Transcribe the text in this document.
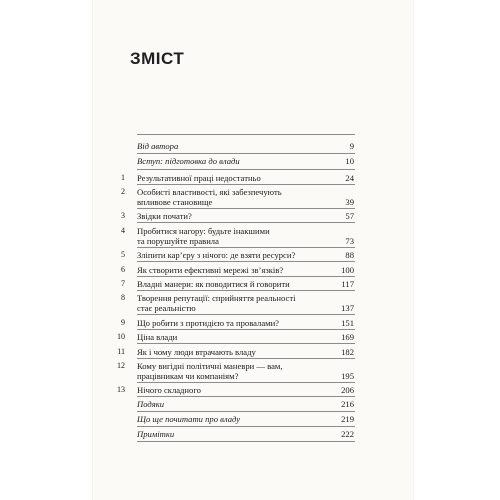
ЗМІСТ
Від автора	9
Вступ: підготовка до влади	10
1 Результативної праці недостатньо	24
2 Особисті властивості, які забезпечують
впливове становище	39
3 Звідки почати?	57
4 Пробитися нагору: будьте інакшими
та порушуйте правила	73
5 Зліпити кар’єру з нічого: де взяти ресурси?	88
6 Як створити ефективні мережі зв’язків?	100
7 Владні манери: як поводитися й говорити	117
8 Творення репутації: сприйняття реальності
стає реальністю	137
9 Що робити з протидією та провалами?	151
10 Ціна влади	169
11 Як і чому люди втрачають владу	182
12 Кому вигідні політичні маневри — вам,
працівникам чи компаніям?	195
13 Нічого складного	206
Подяки	216
Що ще почитати про владу	219
Примітки	222
